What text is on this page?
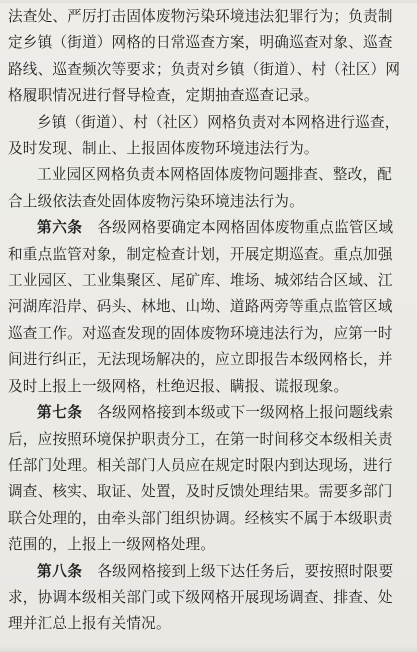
法查处、严厉打击固体废物污染环境违法犯罪行为；负责制
定乡镇（街道）网格的日常巡查方案，明确巡查对象、巡查
路线、巡查频次等要求；负责对乡镇（街道）、村（社区）网
格履职情况进行督导检查，定期抽查巡查记录。
乡镇（街道）、村（社区）网格负责对本网格进行巡查，
及时发现、制止、上报固体废物环境违法行为。
工业园区网格负责本网格固体废物问题排查、整改，配
合上级依法查处固体废物污染环境违法行为。
第六条　 各级网格要确定本网格固体废物重点监管区域
和重点监管对象，制定检查计划，开展定期巡查。重点加强
工业园区、工业集聚区、尾矿库、堆场、城郊结合区域、江
河湖库沿岸、码头、林地、山坳、道路两旁等重点监管区域
巡查工作。对巡查发现的固体废物环境违法行为，应第一时
间进行纠正，无法现场解决的，应立即报告本级网格长，并
及时上报上一级网格，杜绝迟报、瞒报、谎报现象。
第七条　 各级网格接到本级或下一级网格上报问题线索
后，应按照环境保护职责分工，在第一时间移交本级相关责
任部门处理。相关部门人员应在规定时限内到达现场，进行
调查、核实、取证、处置，及时反馈处理结果。需要多部门
联合处理的，由牵头部门组织协调。经核实不属于本级职责
范围的，上报上一级网格处理。
第八条　 各级网格接到上级下达任务后，要按照时限要
求，协调本级相关部门或下级网格开展现场调查、排查、处
理并汇总上报有关情况。
